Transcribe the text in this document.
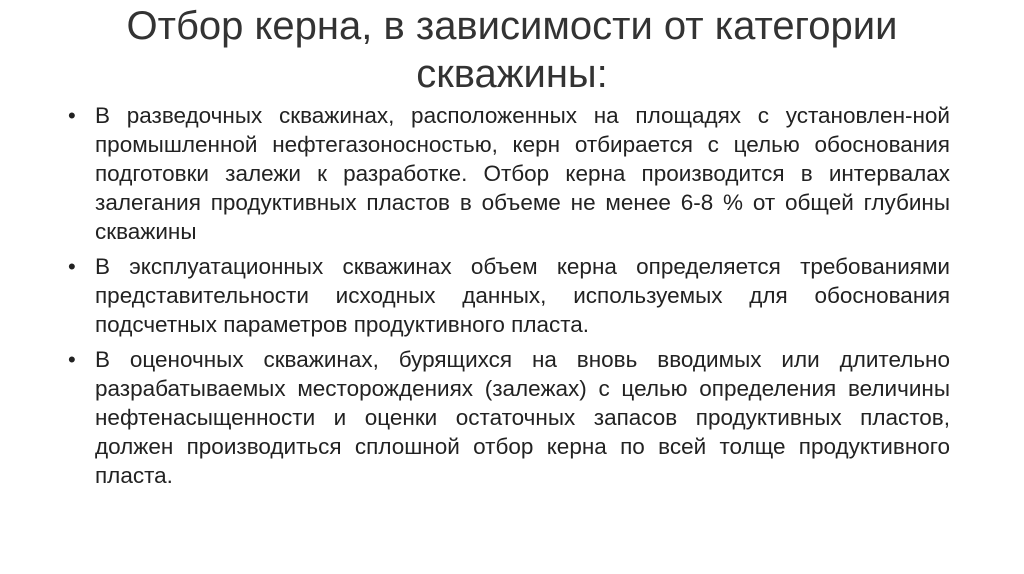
Отбор керна, в зависимости от категории скважины:
• В разведочных скважинах, расположенных на площадях с установлен-ной промышленной нефтегазоносностью, керн отбирается с целью обоснования подготовки залежи к разработке. Отбор керна производится в интервалах залегания продуктивных пластов в объеме не менее 6-8 % от общей глубины скважины
• В эксплуатационных скважинах объем керна определяется требованиями представительности исходных данных, используемых для обоснования подсчетных параметров продуктивного пласта.
• В оценочных скважинах, бурящихся на вновь вводимых или длительно разрабатываемых месторождениях (залежах) с целью определения величины нефтенасыщенности и оценки остаточных запасов продуктивных пластов, должен производиться сплошной отбор керна по всей толще продуктивного пласта.
